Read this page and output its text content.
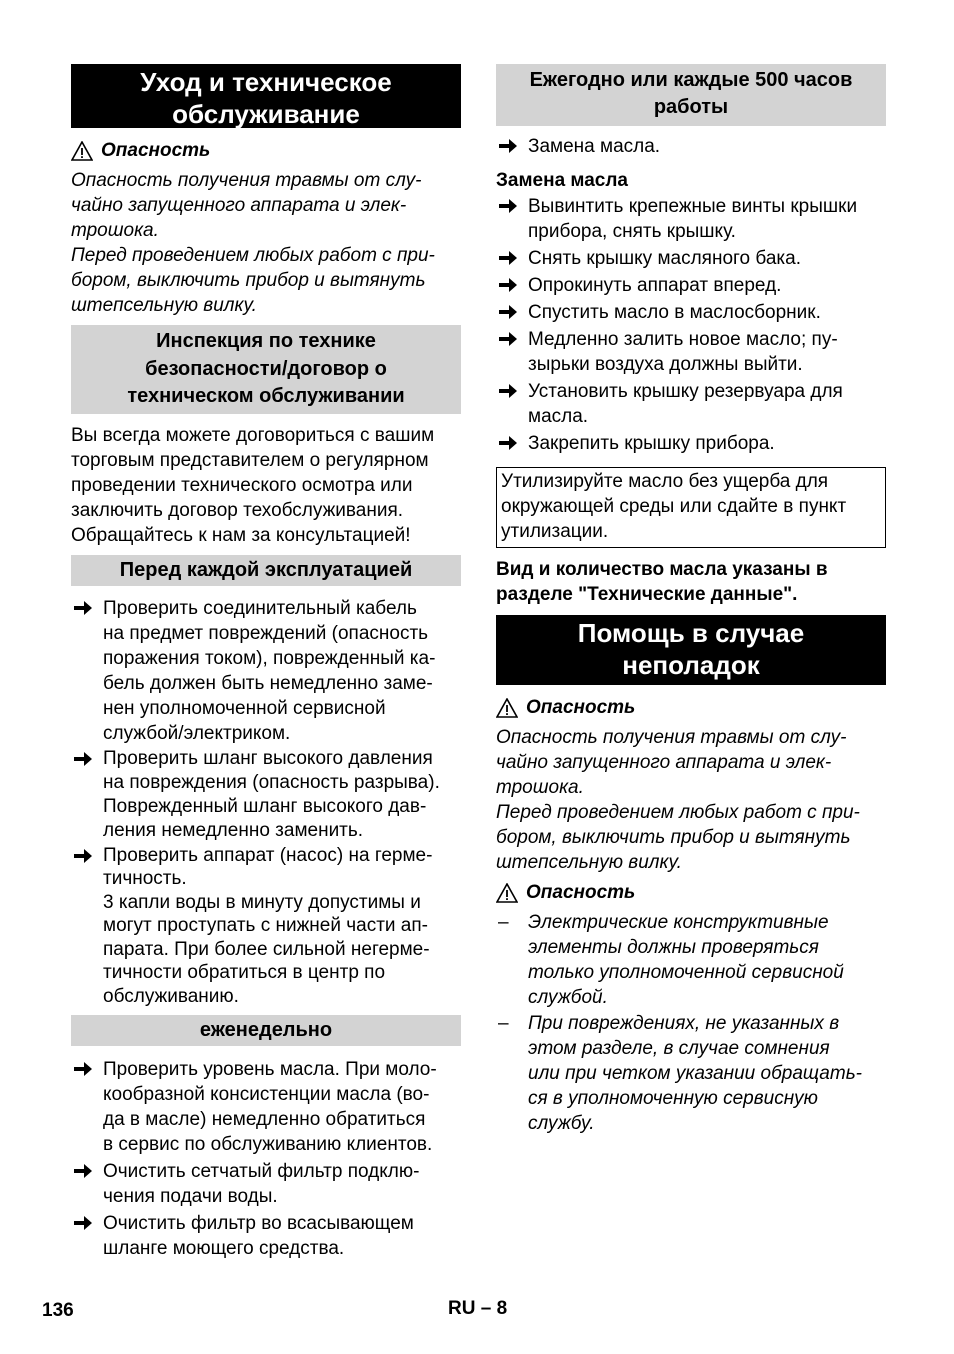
Уход и техническое
обслуживание
Опасность
Опасность получения травмы от слу-
чайно запущенного аппарата и элек-
трошока.
Перед проведением любых работ с при-
бором, выключить прибор и вытянуть
штепсельную вилку.
Инспекция по технике
безопасности/договор о
техническом обслуживании
Вы всегда можете договориться с вашим
торговым представителем о регулярном
проведении технического осмотра или
заключить договор техобслуживания.
Обращайтесь к нам за консультацией!
Перед каждой эксплуатацией
Проверить соединительный кабель
на предмет повреждений (опасность
поражения током), поврежденный ка-
бель должен быть немедленно заме-
нен уполномоченной сервисной
службой/электриком.
Проверить шланг высокого давления
на повреждения (опасность разрыва).
Поврежденный шланг высокого дав-
ления немедленно заменить.
Проверить аппарат (насос) на герме-
тичность.
3 капли воды в минуту допустимы и
могут проступать с нижней части ап-
парата. При более сильной негерме-
тичности обратиться в центр по
обслуживанию.
еженедельно
Проверить уровень масла. При моло-
кообразной консистенции масла (во-
да в масле) немедленно обратиться
в сервис по обслуживанию клиентов.
Очистить сетчатый фильтр подклю-
чения подачи воды.
Очистить фильтр во всасывающем
шланге моющего средства.
Ежегодно или каждые 500 часов
работы
Замена масла.
Замена масла
Вывинтить крепежные винты крышки
прибора, снять крышку.
Снять крышку масляного бака.
Опрокинуть аппарат вперед.
Спустить масло в маслосборник.
Медленно залить новое масло; пу-
зырьки воздуха должны выйти.
Установить крышку резервуара для
масла.
Закрепить крышку прибора.
Утилизируйте масло без ущерба для
окружающей среды или сдайте в пункт
утилизации.
Вид и количество масла указаны в
разделе "Технические данные".
Помощь в случае
неполадок
Опасность
Опасность получения травмы от слу-
чайно запущенного аппарата и элек-
трошока.
Перед проведением любых работ с при-
бором, выключить прибор и вытянуть
штепсельную вилку.
Опасность
– Электрические конструктивные
элементы должны проверяться
только уполномоченной сервисной
службой.
– При повреждениях, не указанных в
этом разделе, в случае сомнения
или при четком указании обращать-
ся в уполномоченную сервисную
службу.
136	RU – 8
